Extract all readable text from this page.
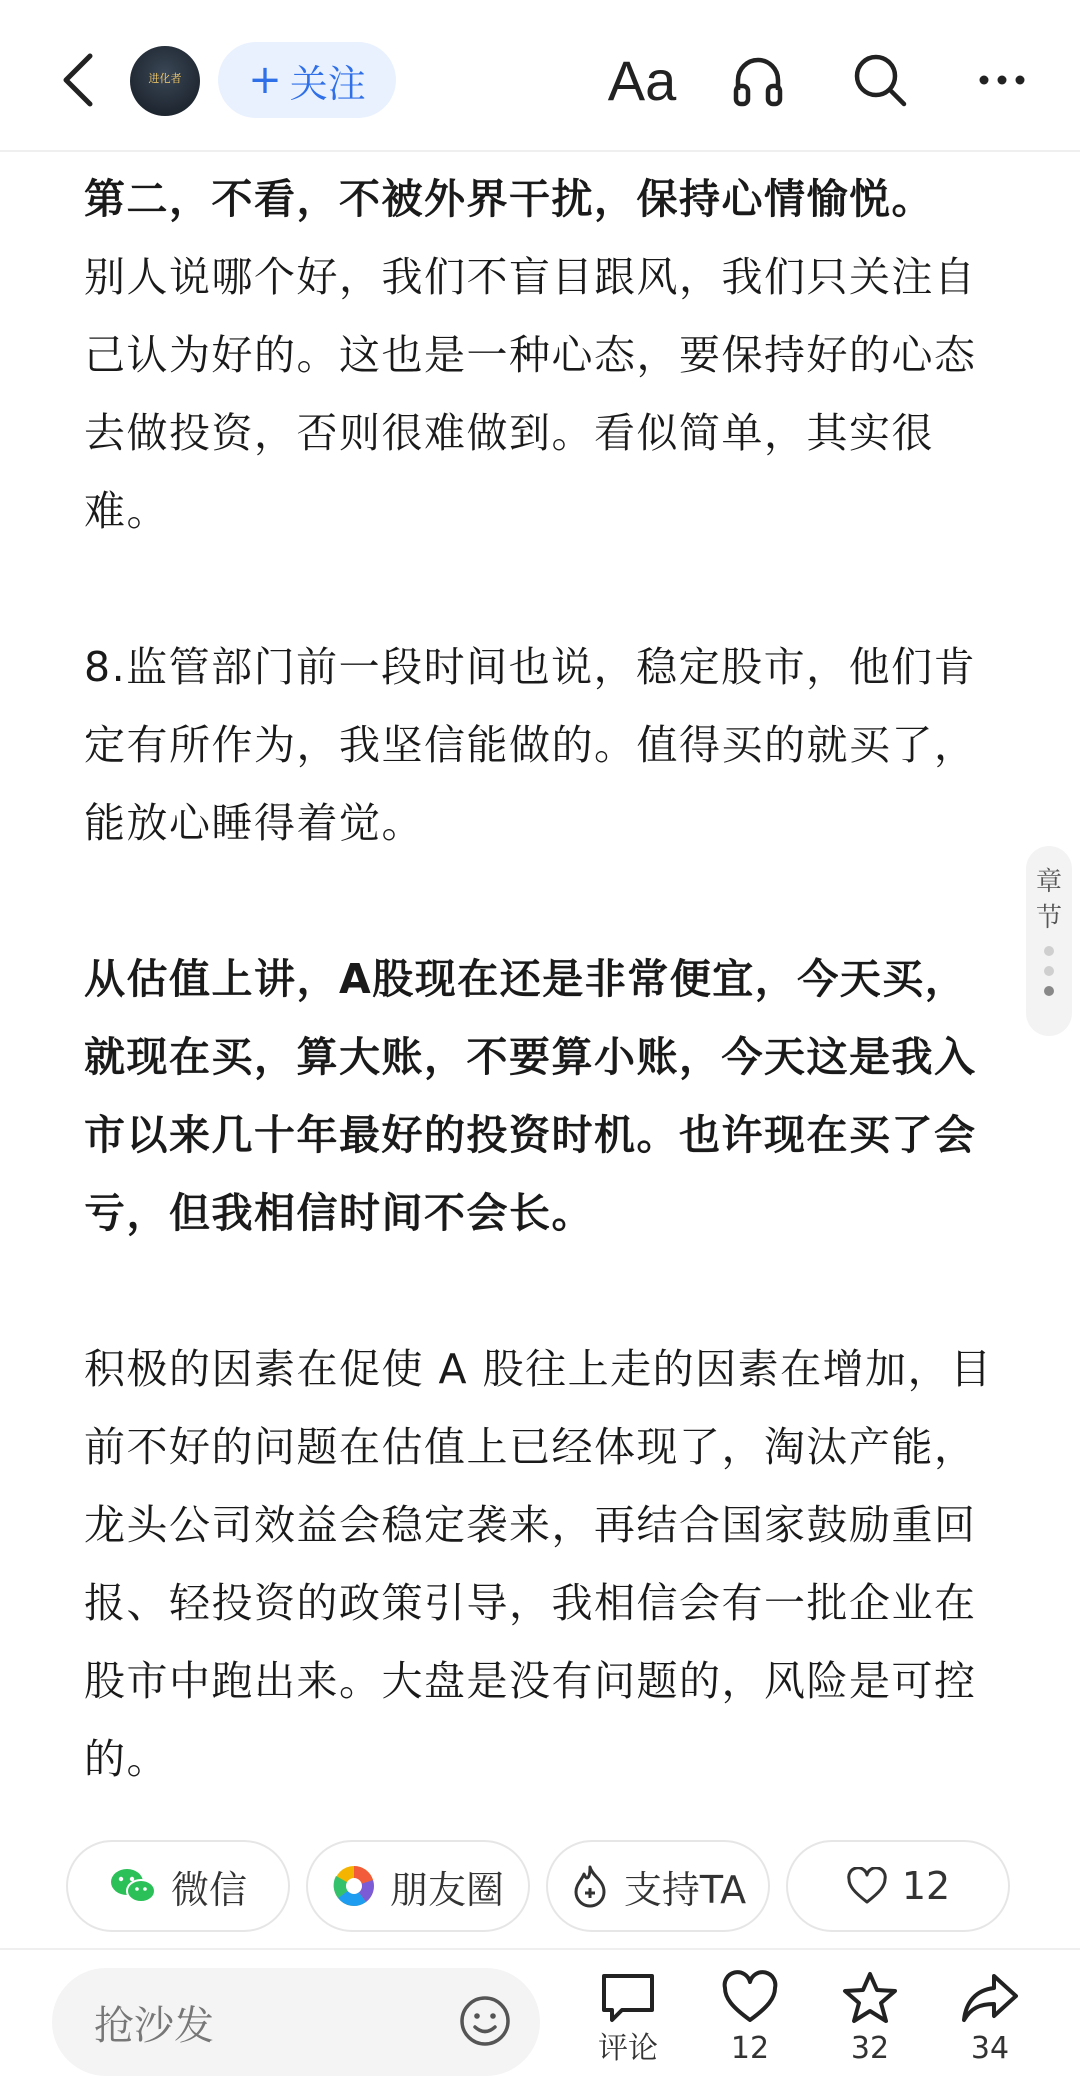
进化者	+ 关注	Aa

第二，不看，不被外界干扰，保持心情愉悦。

别人说哪个好，我们不盲目跟风，我们只关注自己认为好的。这也是一种心态，要保持好的心态去做投资，否则很难做到。看似简单，其实很难。

8.监管部门前一段时间也说，稳定股市，他们肯定有所作为，我坚信能做的。值得买的就买了，能放心睡得着觉。

从估值上讲，A股现在还是非常便宜，今天买，就现在买，算大账，不要算小账，今天这是我入市以来几十年最好的投资时机。也许现在买了会亏，但我相信时间不会长。

积极的因素在促使 A 股往上走的因素在增加，目前不好的问题在估值上已经体现了，淘汰产能，龙头公司效益会稳定袭来，再结合国家鼓励重回报、轻投资的政策引导，我相信会有一批企业在股市中跑出来。大盘是没有问题的，风险是可控的。

章节
微信	朋友圈	支持TA	12
抢沙发	评论	12	32	34
